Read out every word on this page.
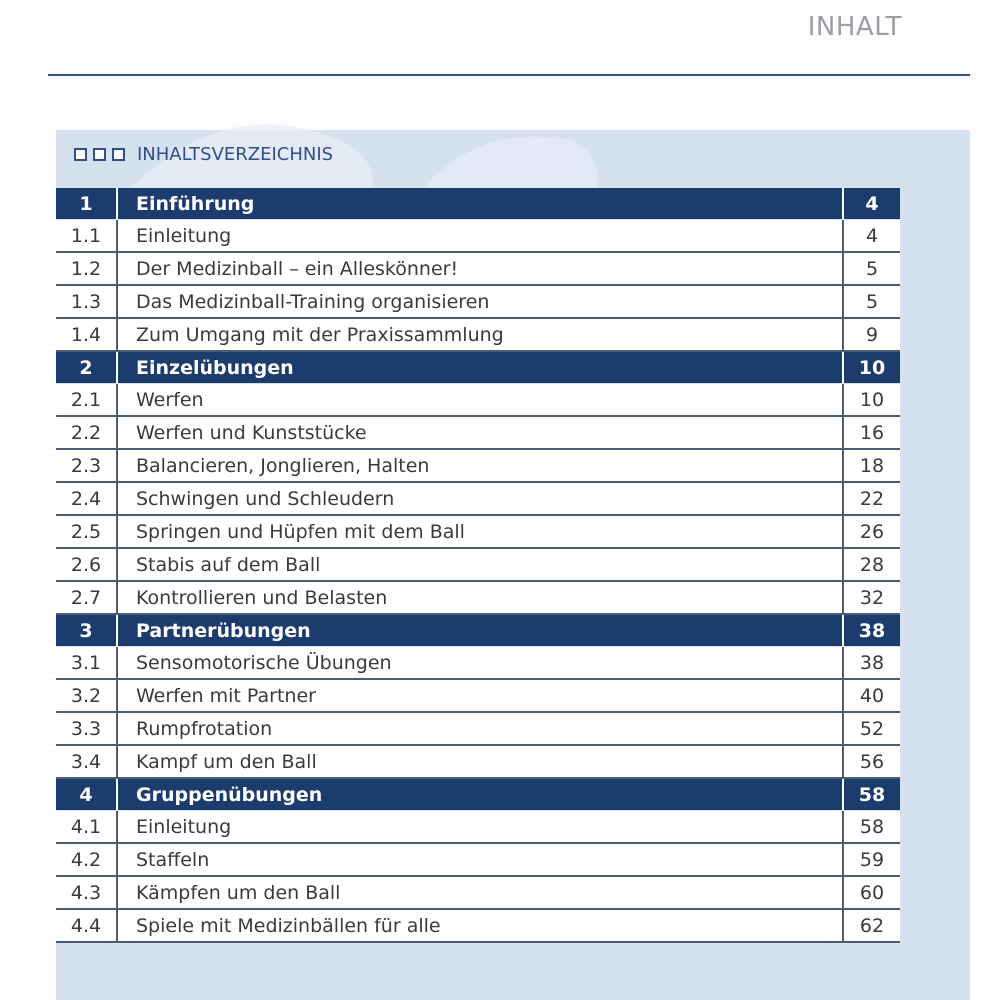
INHALT
INHALTSVERZEICHNIS
1	Einführung	4
1.1	Einleitung	4
1.2	Der Medizinball – ein Alleskönner!	5
1.3	Das Medizinball-Training organisieren	5
1.4	Zum Umgang mit der Praxissammlung	9
2	Einzelübungen	10
2.1	Werfen	10
2.2	Werfen und Kunststücke	16
2.3	Balancieren, Jonglieren, Halten	18
2.4	Schwingen und Schleudern	22
2.5	Springen und Hüpfen mit dem Ball	26
2.6	Stabis auf dem Ball	28
2.7	Kontrollieren und Belasten	32
3	Partnerübungen	38
3.1	Sensomotorische Übungen	38
3.2	Werfen mit Partner	40
3.3	Rumpfrotation	52
3.4	Kampf um den Ball	56
4	Gruppenübungen	58
4.1	Einleitung	58
4.2	Staffeln	59
4.3	Kämpfen um den Ball	60
4.4	Spiele mit Medizinbällen für alle	62
